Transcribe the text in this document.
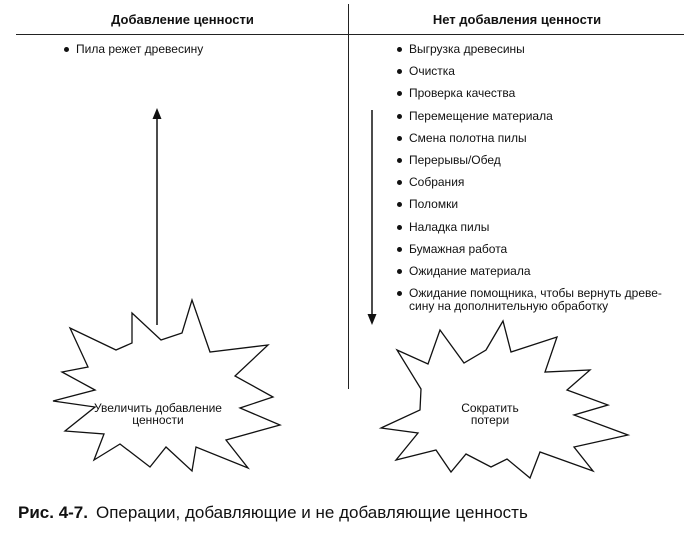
Добавление ценности	Нет добавления ценности
Пила режет древесину	Выгрузка древесины
Очистка
Проверка качества
Перемещение материала
Смена полотна пилы
Перерывы/Обед
Собрания
Поломки
Наладка пилы
Бумажная работа
Ожидание материала
Ожидание помощника, чтобы вернуть древе-сину на дополнительную обработку
Увеличить добавление
ценности
Сократить
потери
Рис. 4-7. Операции, добавляющие и не добавляющие ценность
